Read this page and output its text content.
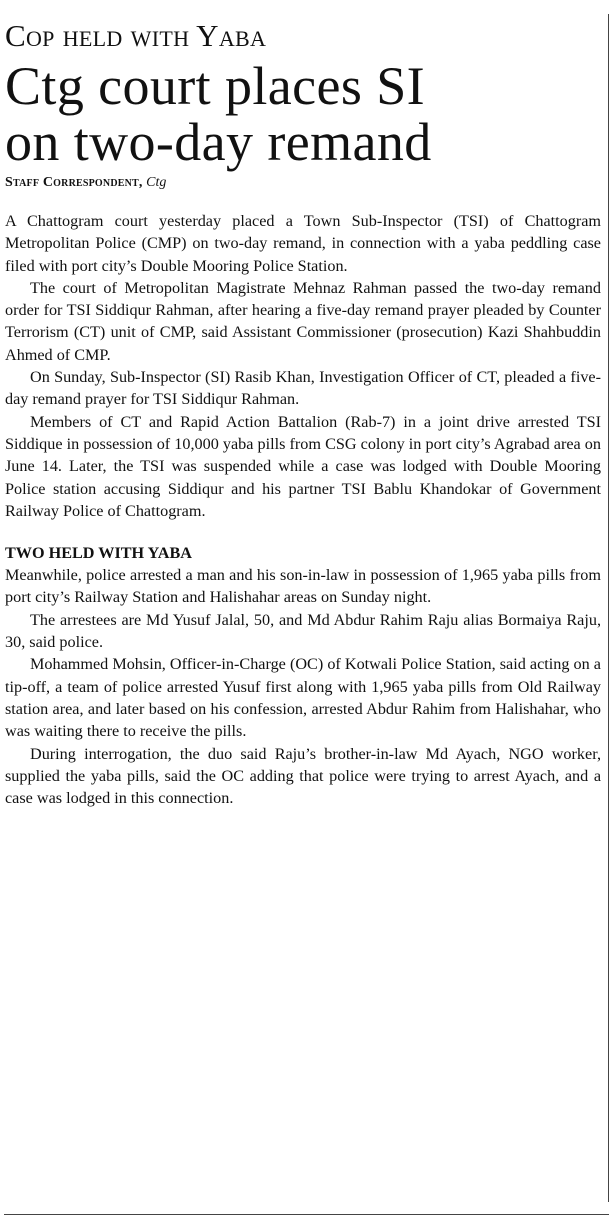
Cop held with Yaba
Ctg court places SI
on two-day remand
Staff Correspondent, Ctg

A Chattogram court yesterday placed a Town Sub-Inspector (TSI) of Chattogram Metropolitan Police (CMP) on two-day remand, in connection with a yaba peddling case filed with port city’s Double Mooring Police Station.

The court of Metropolitan Magistrate Mehnaz Rahman passed the two-day remand order for TSI Siddiqur Rahman, after hearing a five-day remand prayer pleaded by Counter Terrorism (CT) unit of CMP, said Assistant Commissioner (prosecution) Kazi Shahbuddin Ahmed of CMP.

On Sunday, Sub-Inspector (SI) Rasib Khan, Investigation Officer of CT, pleaded a five-day remand prayer for TSI Siddiqur Rahman.

Members of CT and Rapid Action Battalion (Rab-7) in a joint drive arrested TSI Siddique in possession of 10,000 yaba pills from CSG colony in port city’s Agrabad area on June 14. Later, the TSI was suspended while a case was lodged with Double Mooring Police station accusing Siddiqur and his partner TSI Bablu Khandokar of Government Railway Police of Chattogram.

TWO HELD WITH YABA

Meanwhile, police arrested a man and his son-in-law in possession of 1,965 yaba pills from port city’s Railway Station and Halishahar areas on Sunday night.

The arrestees are Md Yusuf Jalal, 50, and Md Abdur Rahim Raju alias Bormaiya Raju, 30, said police.

Mohammed Mohsin, Officer-in-Charge (OC) of Kotwali Police Station, said acting on a tip-off, a team of police arrested Yusuf first along with 1,965 yaba pills from Old Railway station area, and later based on his confession, arrested Abdur Rahim from Halishahar, who was waiting there to receive the pills.

During interrogation, the duo said Raju’s brother-in-law Md Ayach, NGO worker, supplied the yaba pills, said the OC adding that police were trying to arrest Ayach, and a case was lodged in this connection.
